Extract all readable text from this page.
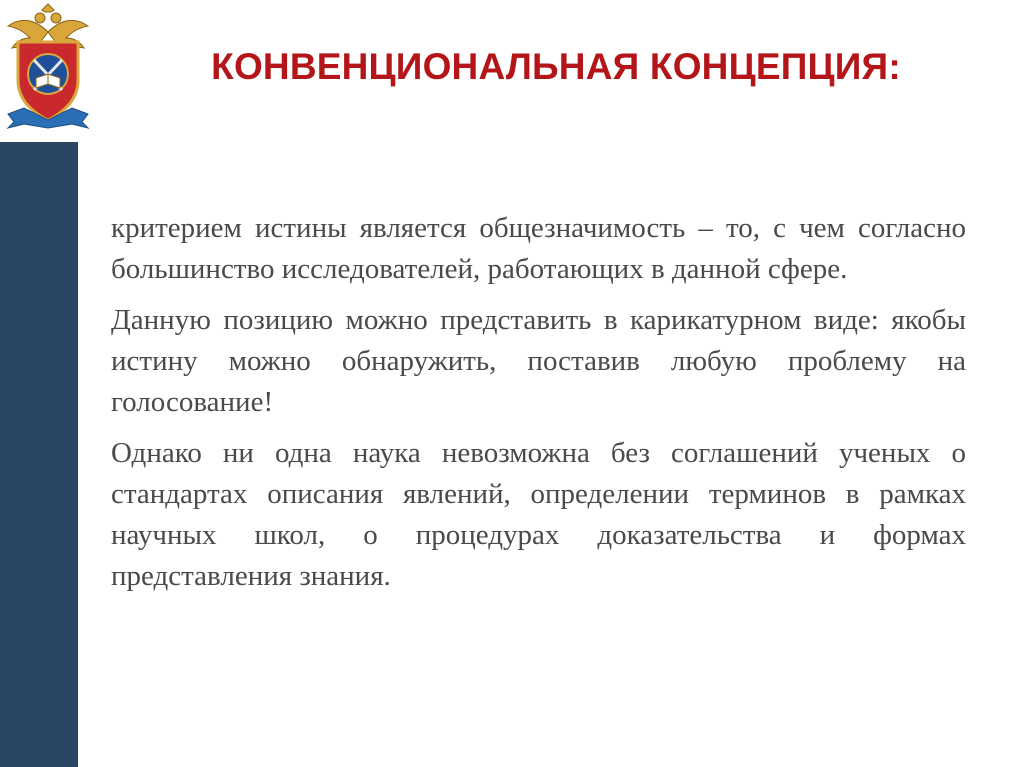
КОНВЕНЦИОНАЛЬНАЯ КОНЦЕПЦИЯ:

критерием истины является общезначимость – то, с чем согласно большинство исследователей, работающих в данной сфере.

Данную позицию можно представить в карикатурном виде: якобы истину можно обнаружить, поставив любую проблему на голосование!

Однако ни одна наука невозможна без соглашений ученых о стандартах описания явлений, определении терминов в рамках научных школ, о процедурах доказательства и формах представления знания.
